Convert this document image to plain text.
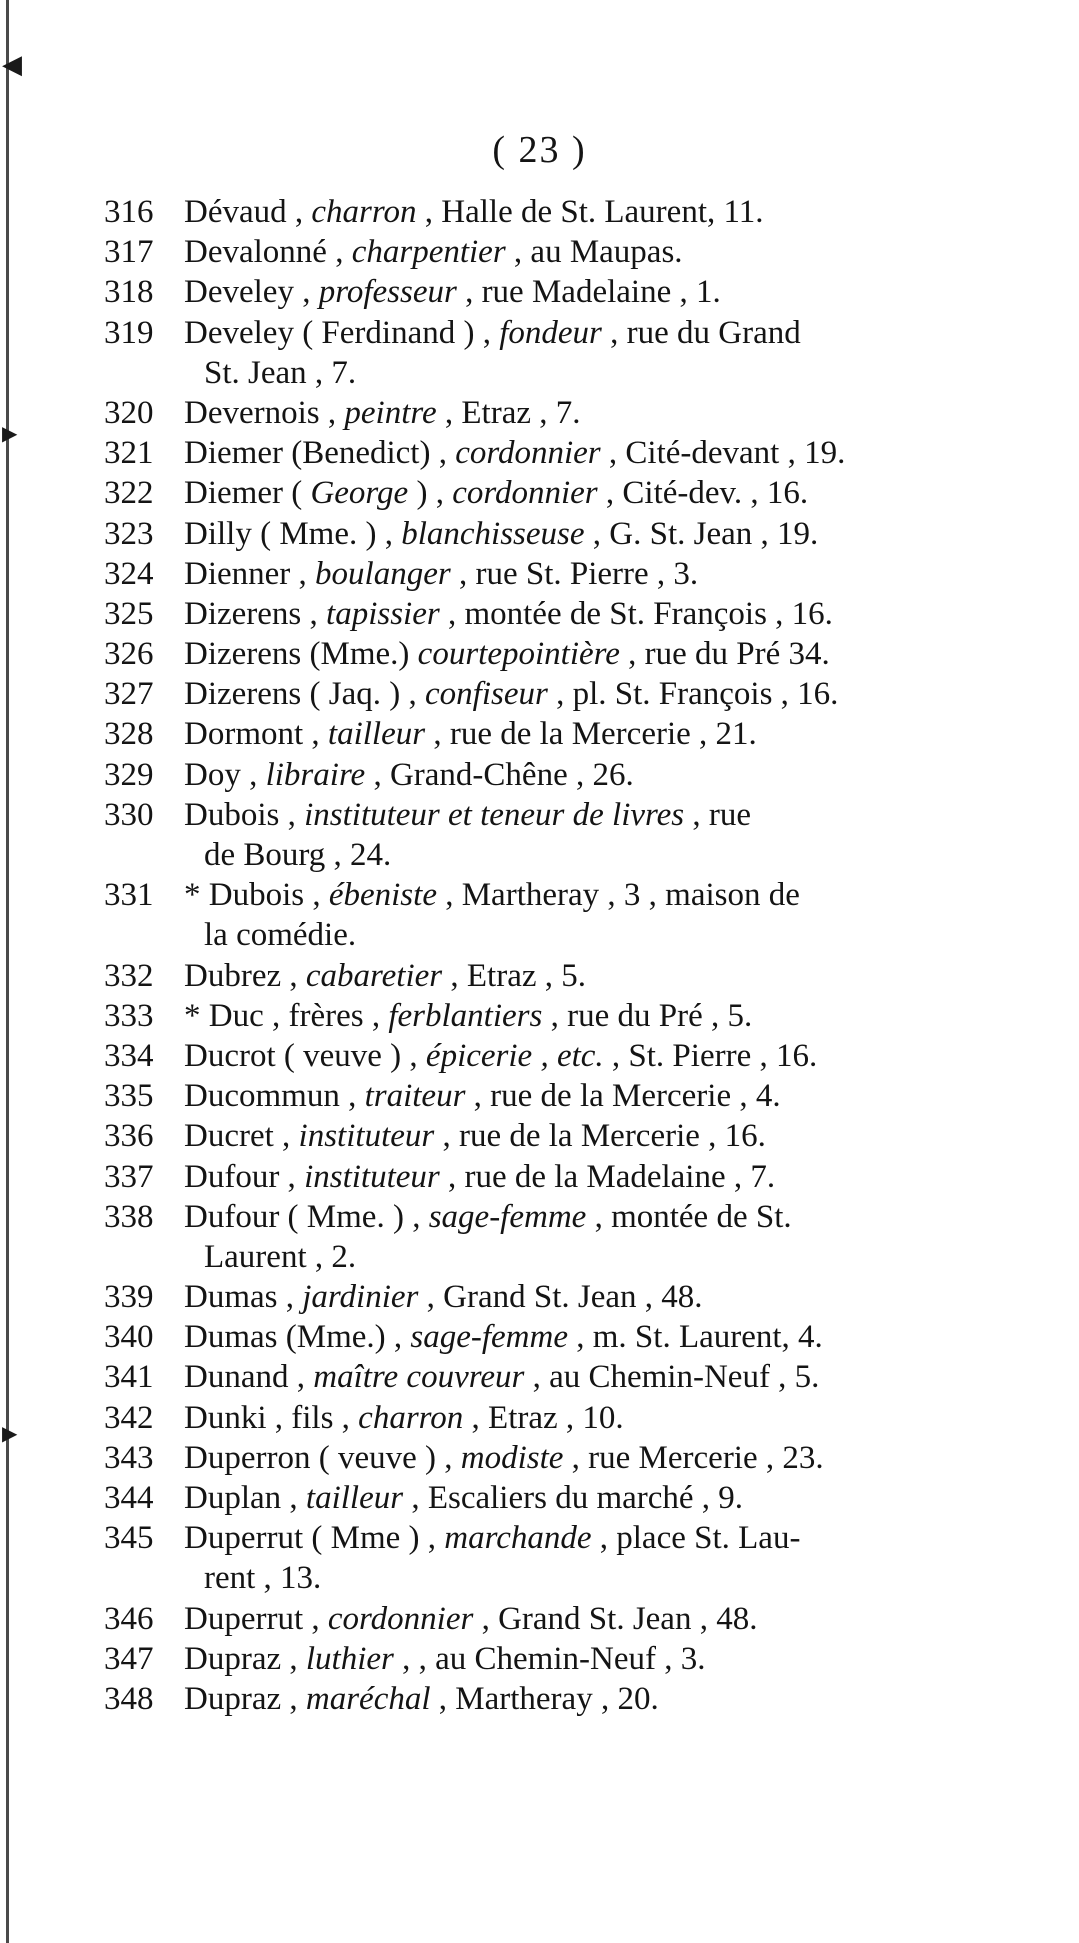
◀
▶
▶
( 23 )
316 Dévaud , charron , Halle de St. Laurent, 11.
317 Devalonné , charpentier , au Maupas.
318 Develey , professeur , rue Madelaine , 1.
319 Develey ( Ferdinand ) , fondeur , rue du Grand
St. Jean , 7.
320 Devernois , peintre , Etraz , 7.
321 Diemer (Benedict) , cordonnier , Cité-devant , 19.
322 Diemer ( George ) , cordonnier , Cité-dev. , 16.
323 Dilly ( Mme. ) , blanchisseuse , G. St. Jean , 19.
324 Dienner , boulanger , rue St. Pierre , 3.
325 Dizerens , tapissier , montée de St. François , 16.
326 Dizerens (Mme.) courtepointière , rue du Pré 34.
327 Dizerens ( Jaq. ) , confiseur , pl. St. François , 16.
328 Dormont , tailleur , rue de la Mercerie , 21.
329 Doy , libraire , Grand-Chêne , 26.
330 Dubois , instituteur et teneur de livres , rue
de Bourg , 24.
331 * Dubois , ébeniste , Martheray , 3 , maison de
la comédie.
332 Dubrez , cabaretier , Etraz , 5.
333 * Duc , frères , ferblantiers , rue du Pré , 5.
334 Ducrot ( veuve ) , épicerie , etc. , St. Pierre , 16.
335 Ducommun , traiteur , rue de la Mercerie , 4.
336 Ducret , instituteur , rue de la Mercerie , 16.
337 Dufour , instituteur , rue de la Madelaine , 7.
338 Dufour ( Mme. ) , sage-femme , montée de St.
Laurent , 2.
339 Dumas , jardinier , Grand St. Jean , 48.
340 Dumas (Mme.) , sage-femme , m. St. Laurent, 4.
341 Dunand , maître couvreur , au Chemin-Neuf , 5.
342 Dunki , fils , charron , Etraz , 10.
343 Duperron ( veuve ) , modiste , rue Mercerie , 23.
344 Duplan , tailleur , Escaliers du marché , 9.
345 Duperrut ( Mme ) , marchande , place St. Lau-
rent , 13.
346 Duperrut , cordonnier , Grand St. Jean , 48.
347 Dupraz , luthier , , au Chemin-Neuf , 3.
348 Dupraz , maréchal , Martheray , 20.
